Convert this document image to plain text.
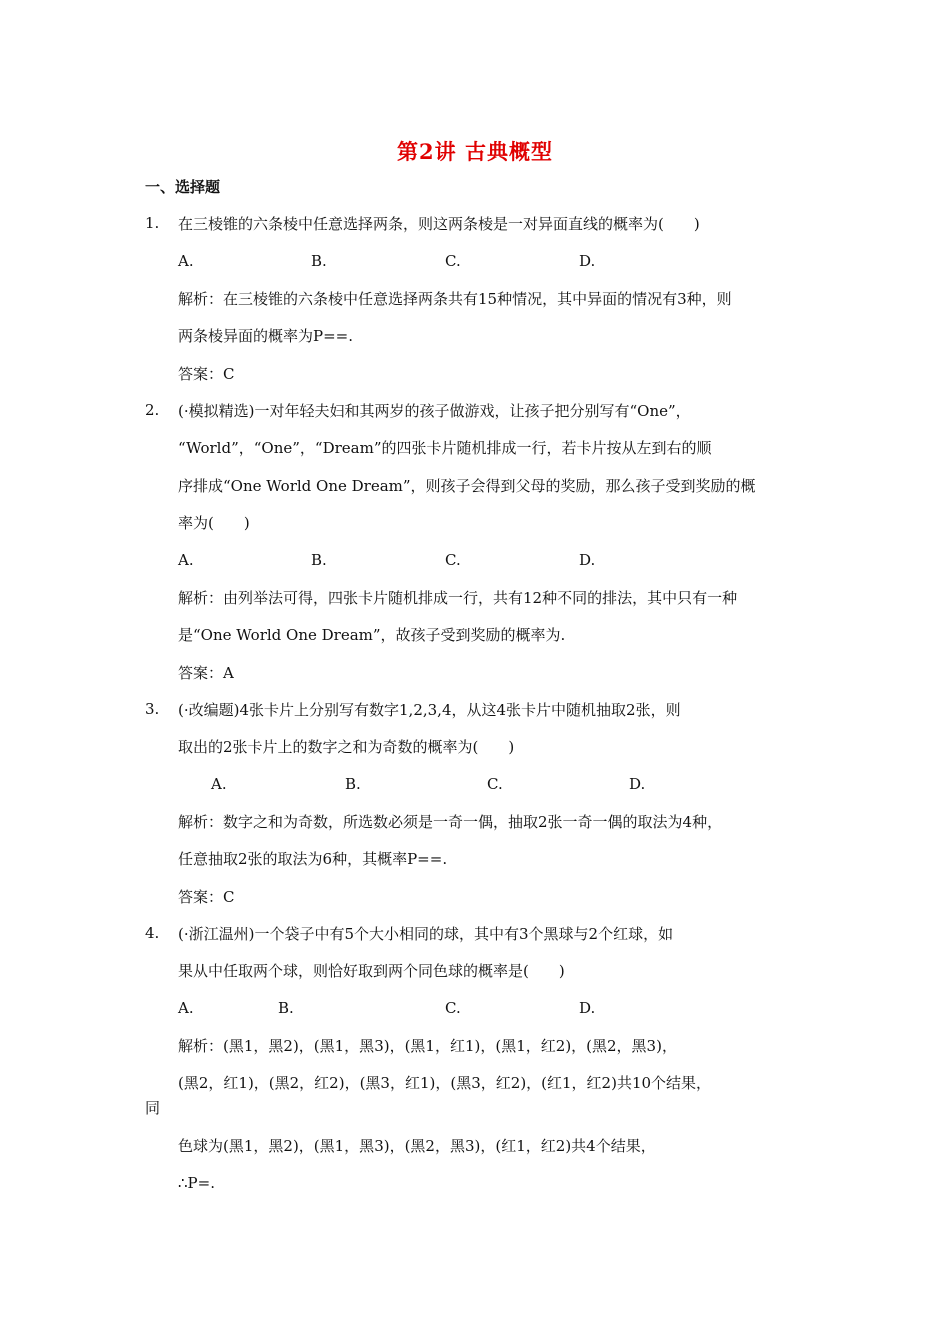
第2讲 古典概型
一、选择题
1. 在三棱锥的六条棱中任意选择两条，则这两条棱是一对异面直线的概率为(　　)
A.	B.	C.	D.
解析：在三棱锥的六条棱中任意选择两条共有15种情况，其中异面的情况有3种，则
两条棱异面的概率为P==.
答案：C
2. (·模拟精选)一对年轻夫妇和其两岁的孩子做游戏，让孩子把分别写有“One”，
“World”，“One”，“Dream”的四张卡片随机排成一行，若卡片按从左到右的顺
序排成“One World One Dream”，则孩子会得到父母的奖励，那么孩子受到奖励的概
率为(　　)
A.	B.	C.	D.
解析：由列举法可得，四张卡片随机排成一行，共有12种不同的排法，其中只有一种
是“One World One Dream”，故孩子受到奖励的概率为.
答案：A
3. (·改编题)4张卡片上分别写有数字1,2,3,4，从这4张卡片中随机抽取2张，则
取出的2张卡片上的数字之和为奇数的概率为(　　)
A.	B.	C.	D.
解析：数字之和为奇数，所选数必须是一奇一偶，抽取2张一奇一偶的取法为4种，
任意抽取2张的取法为6种，其概率P==.
答案：C
4. (·浙江温州)一个袋子中有5个大小相同的球，其中有3个黑球与2个红球，如
果从中任取两个球，则恰好取到两个同色球的概率是(　　)
A.	B.	C.	D.
解析：(黑1，黑2)，(黑1，黑3)，(黑1，红1)，(黑1，红2)，(黑2，黑3)，
(黑2，红1)，(黑2，红2)，(黑3，红1)，(黑3，红2)，(红1，红2)共10个结果，
同
色球为(黑1，黑2)，(黑1，黑3)，(黑2，黑3)，(红1，红2)共4个结果，
∴P=.
